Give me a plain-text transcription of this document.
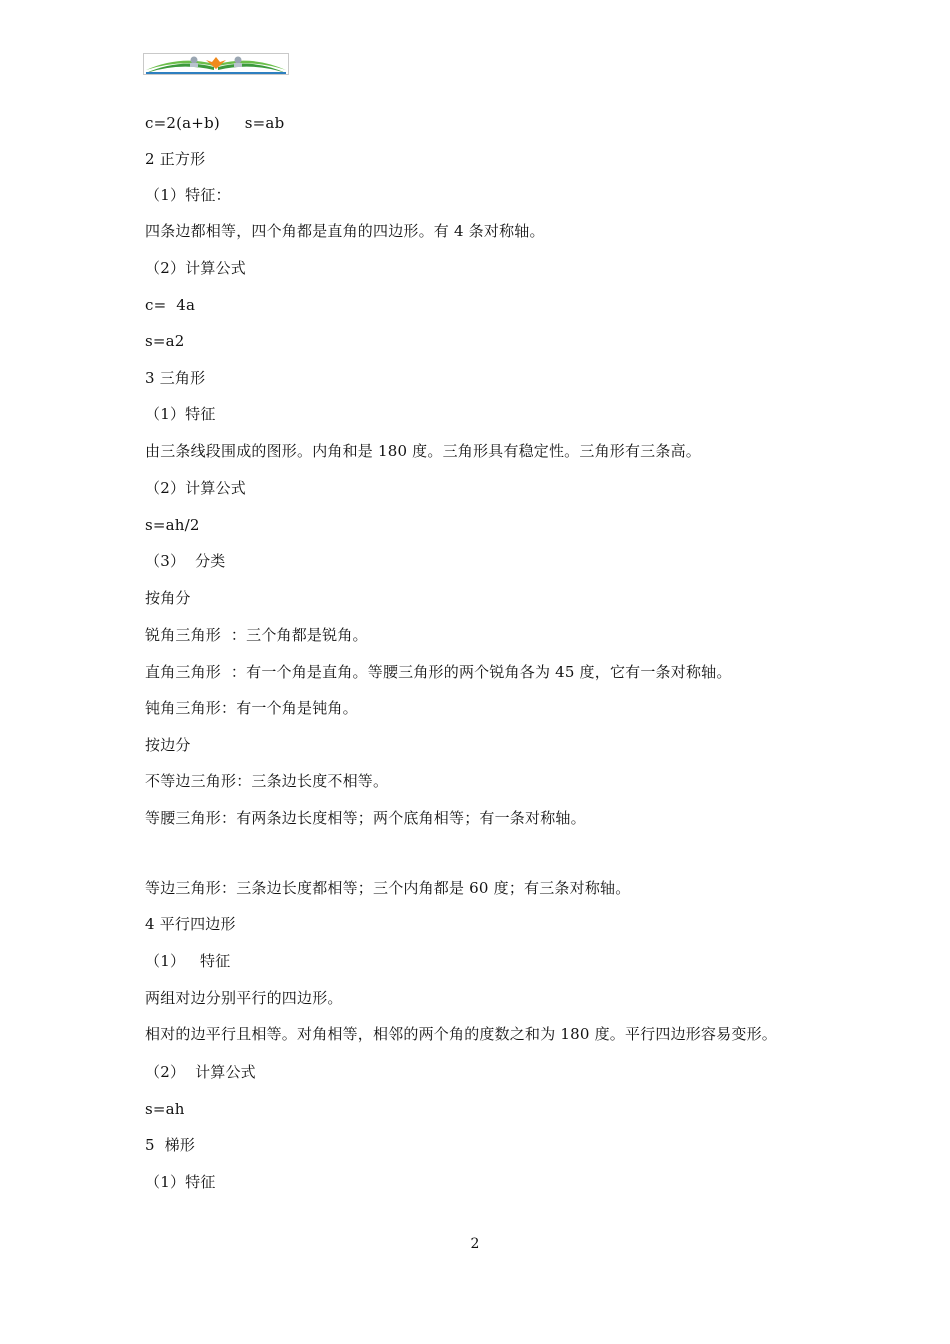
c=2(a+b)     s=ab
2 正方形
（1）特征：
四条边都相等，四个角都是直角的四边形。有 4 条对称轴。
（2）计算公式
c=  4a
s=a2
3 三角形
（1）特征
由三条线段围成的图形。内角和是 180 度。三角形具有稳定性。三角形有三条高。
（2）计算公式
s=ah/2
（3）  分类
按角分
锐角三角形  ：三个角都是锐角。
直角三角形  ：有一个角是直角。等腰三角形的两个锐角各为 45 度，它有一条对称轴。
钝角三角形：有一个角是钝角。
按边分
不等边三角形：三条边长度不相等。
等腰三角形：有两条边长度相等；两个底角相等；有一条对称轴。
等边三角形：三条边长度都相等；三个内角都是 60 度；有三条对称轴。
4 平行四边形
（1）   特征
两组对边分别平行的四边形。
相对的边平行且相等。对角相等，相邻的两个角的度数之和为 180 度。平行四边形容易变形。
（2）  计算公式
s=ah
5  梯形
（1）特征
2
